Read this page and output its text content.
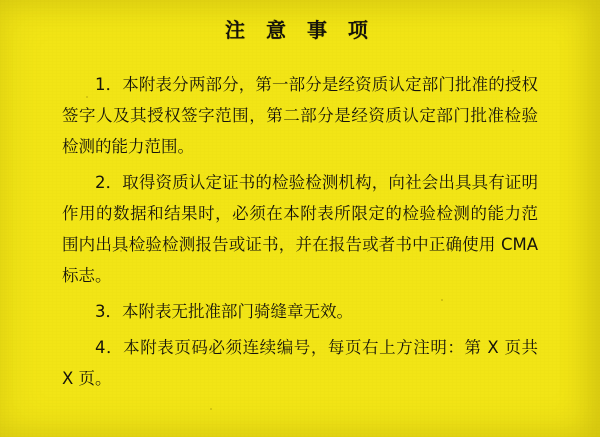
注 意 事 项

1．本附表分两部分，第一部分是经资质认定部门批准的授权签字人及其授权签字范围，第二部分是经资质认定部门批准检验检测的能力范围。

2．取得资质认定证书的检验检测机构，向社会出具具有证明作用的数据和结果时，必须在本附表所限定的检验检测的能力范围内出具检验检测报告或证书，并在报告或者书中正确使用 CMA 标志。

3．本附表无批准部门骑缝章无效。

4．本附表页码必须连续编号，每页右上方注明：第 X 页共 X 页。
